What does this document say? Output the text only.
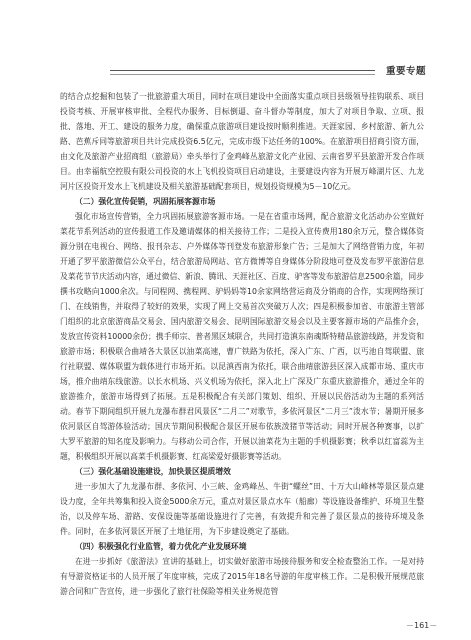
重要专题

的结合点挖掘和包装了一批旅游重大项目，同时在项目建设中全面落实重点项目县级领导挂钩联系、项目投资考核、开展审核审批、全程代办服务、目标倒逼、奋斗督办等制度，加大了对项目争取、立项、报批、落地、开工、建设的服务力度，确保重点旅游项目建设按时顺利推进。天涯家园、乡村旅游、新九公路、芭蕉斥同等旅游项目共计完成投资6.5亿元，完成市级下达任务的100%。在旅游项目招商引资方面，由文化及旅游产业招商组（旅游局）牵头举行了金鸡峰丛旅游文化产业园、云南省罗平县旅游开发合作项目。由幸福航空控股有限公司投资的水上飞机投资项目启动建设，主要建设内容为开展万峰湖片区、九龙河片区投资开发水上飞机建设及相关旅游基础配套项目，规划投资规模为5－10亿元。

（二）强化宣传促销，巩固拓展客源市场

强化市场宣传营销，全力巩固拓展旅游客源市场。一是在省重市场网，配合旅游文化活动办公室做好菜花节系列活动的宣传报道工作及邀请媒体的相关接待工作；二是投入宣传费用180余万元，整合媒体资源分别在电视台、网络、报刊杂志、户外媒体等刊登发布旅游形象广告；三是加大了网络营销力度，年初开通了罗平旅游微信公众平台，结合旅游局网站、官方微博等自身媒体分阶段地可登及发布罗平旅游信息及菜花节节庆活动内容，通过微信、新浪、腾讯、天涯社区、百度、驴客等发布旅游信息2500余篇，同步撰书攻略向1000余次。与同程网、携程网、驴妈妈等10余家网络营运商及分销商的合作，实现网络预订门、在线销售，并取得了较好的效果，实现了网上交易首次突破万人次；四是积极参加省、市旅游主管部门组织的北京旅游商品交易会、国内旅游交易会、昆明国际旅游交易会以及主要客源市场的产品推介会，发放宣传资料10000余份；携手师宗、普者黑区域联合，共同打造滇东南魂斯特精品旅游线路，并发资和旅游市场；积极联合曲靖各大景区以油菜高速，曹广铁路为依托，深入广东、广西，以丐池自驾联盟、旅行社联盟、媒体联盟为载体进行市场开拓。以昆滇西南为依托，联合曲靖旅游县区深入成都市场、重庆市场，推介曲靖东线旅游。以长水机场、兴义机场为依托，深入北上广深及广东重庆旅游推介，通过全年的旅游推介，旅游市场得到了拓展。五是积极配合有关部门策划、组织、开展以民俗活动为主题的系列活动。春节下期间组织开展九龙瀑布群君风景区“二月二”对歌节，多依河景区“二月三”泼水节；暑期开展多依河景区自驾游体验活动；国庆节期间积极配合景区开展布依族泼猪节等活动；同时开展各种赛事，以扩大罗平旅游的知名度及影响力。与移动公司合作，开展以油菜花为主题的手机摄影赛；秋季以红富蕊为主题，积极组织开展以高菜手机摄影赛、红高梁爱好摄影赛等活动。

（三）强化基础设施建设，加快景区提质增效

进一步加大了九龙瀑布群、多依河、小三峡、金鸡峰丛、牛街“螺丝”田、十万大山峰林等景区景点建设力度，全年共筹集和投入资金5000余万元，重点对景区景点水车（船廊）等设施设备维护、环境卫生整治，以及停车场、游路、安保设施等基础设施进行了完善，有效提升和完善了景区景点的接待环境及条件。同时，在多依河景区开展了土地征用，为下步建设奠定了基础。

（四）积极强化行业监管，着力优化产业发展环境

在进一步抓好《旅游法》宣讲的基础上，切实做好旅游市场接待服务和安全检查整治工作。一是对持有导游资格证书的人员开展了年度审核，完成了2015年18名导游的年度审核工作。二是积极开展规范旅游合同和广告宣传，进一步强化了旅行社保险等相关业务规范管

－161－
